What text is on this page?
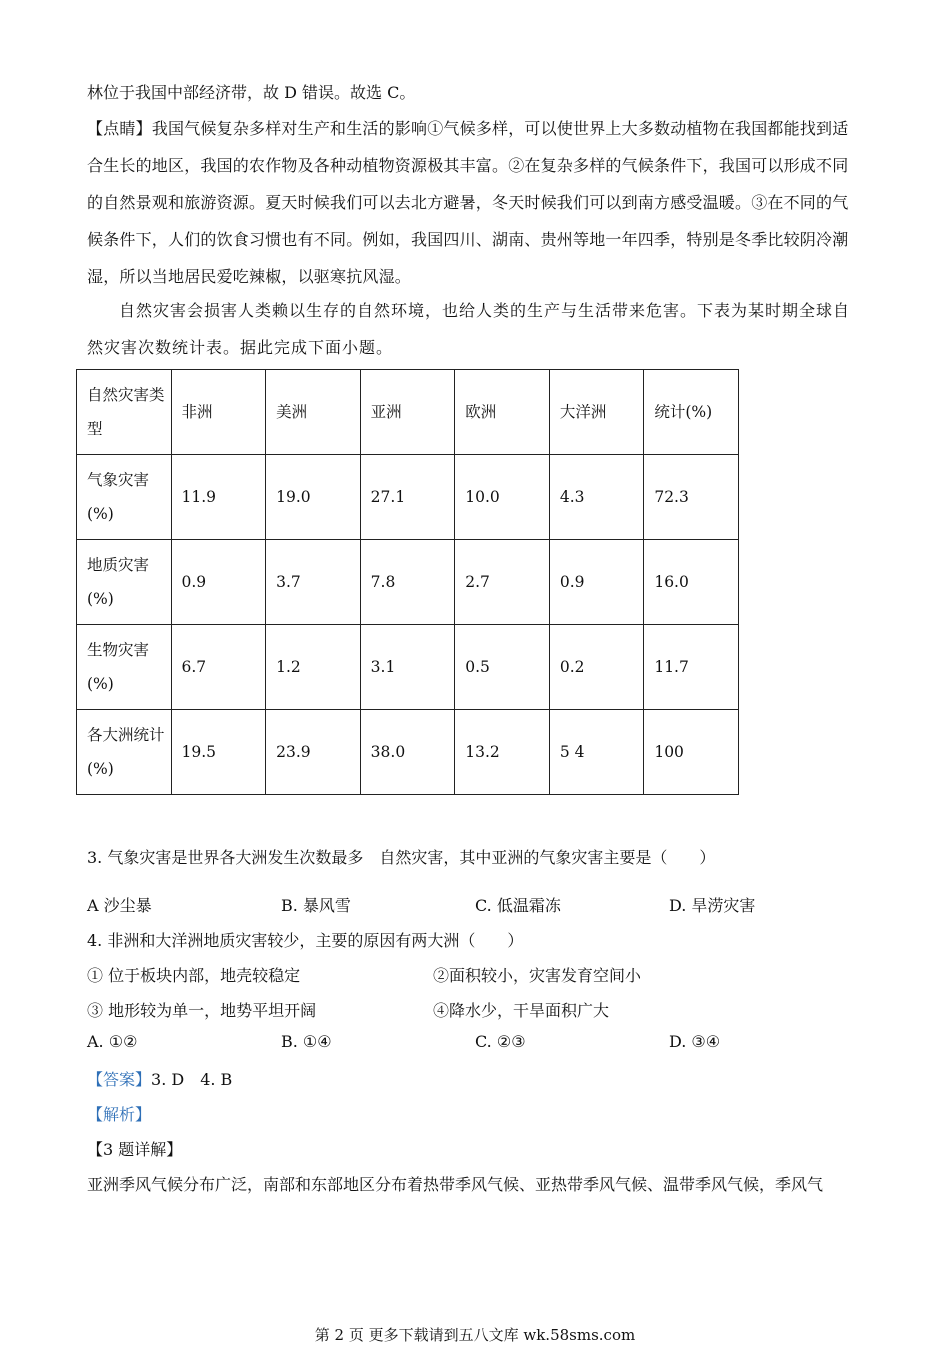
林位于我国中部经济带，故 D 错误。故选 C。
【点睛】我国气候复杂多样对生产和生活的影响①气候多样，可以使世界上大多数动植物在我国都能找到适合生长的地区，我国的农作物及各种动植物资源极其丰富。②在复杂多样的气候条件下，我国可以形成不同的自然景观和旅游资源。夏天时候我们可以去北方避暑，冬天时候我们可以到南方感受温暖。③在不同的气候条件下，人们的饮食习惯也有不同。例如，我国四川、湖南、贵州等地一年四季，特别是冬季比较阴冷潮湿，所以当地居民爱吃辣椒，以驱寒抗风湿。
自然灾害会损害人类赖以生存的自然环境，也给人类的生产与生活带来危害。下表为某时期全球自然灾害次数统计表。据此完成下面小题。
自然灾害类型	非洲	美洲	亚洲	欧洲	大洋洲	统计(%)
气象灾害(%)	11.9	19.0	27.1	10.0	4.3	72.3
地质灾害(%)	0.9	3.7	7.8	2.7	0.9	16.0
生物灾害(%)	6.7	1.2	3.1	0.5	0.2	11.7
各大洲统计(%)	19.5	23.9	38.0	13.2	5 4	100
3. 气象灾害是世界各大洲发生次数最多　自然灾害，其中亚洲的气象灾害主要是（　　）
A 沙尘暴	B. 暴风雪	C. 低温霜冻	D. 旱涝灾害
4. 非洲和大洋洲地质灾害较少，主要的原因有两大洲（　　）
① 位于板块内部，地壳较稳定	②面积较小，灾害发育空间小
③ 地形较为单一，地势平坦开阔	④降水少，干旱面积广大
A. ①②	B. ①④	C. ②③	D. ③④
【答案】3. D　4. B
【解析】
【3 题详解】
亚洲季风气候分布广泛，南部和东部地区分布着热带季风气候、亚热带季风气候、温带季风气候，季风气
第 2 页 更多下载请到五八文库 wk.58sms.com
